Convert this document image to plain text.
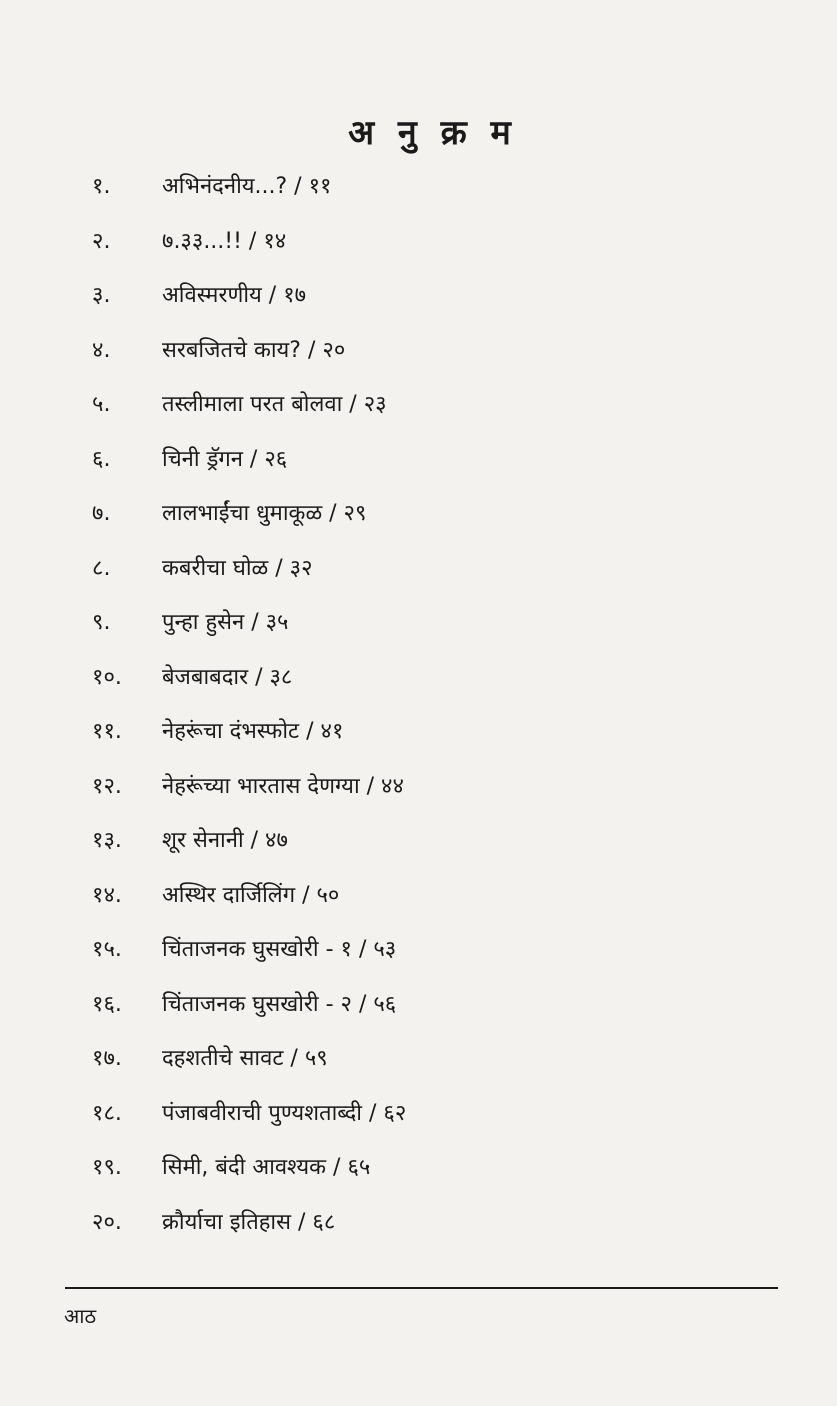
अ नु क्र म
१.	अभिनंदनीय...? / ११
२.	७.३३...!! / १४
३.	अविस्मरणीय / १७
४.	सरबजितचे काय? / २०
५.	तस्लीमाला परत बोलवा / २३
६.	चिनी ड्रॅगन / २६
७.	लालभाईंचा धुमाकूळ / २९
८.	कबरीचा घोळ / ३२
९.	पुन्हा हुसेन / ३५
१०.	बेजबाबदार / ३८
११.	नेहरूंचा दंभस्फोट / ४१
१२.	नेहरूंच्या भारतास देणग्या / ४४
१३.	शूर सेनानी / ४७
१४.	अस्थिर दार्जिलिंग / ५०
१५.	चिंताजनक घुसखोरी - १ / ५३
१६.	चिंताजनक घुसखोरी - २ / ५६
१७.	दहशतीचे सावट / ५९
१८.	पंजाबवीराची पुण्यशताब्दी / ६२
१९.	सिमी, बंदी आवश्यक / ६५
२०.	क्रौर्याचा इतिहास / ६८
आठ
